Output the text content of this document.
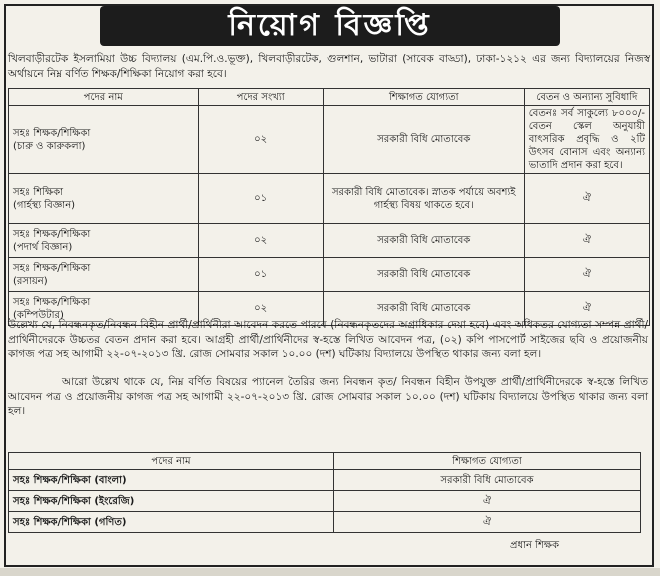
নিয়োগ বিজ্ঞপ্তি
খিলবাড়ীরটেক ইসলামিয়া উচ্চ বিদ্যালয় (এম.পি.ও.ভূক্ত), খিলবাড়ীরটেক, গুলশান, ভাটারা (সাবেক বাড্ডা), ঢাকা-১২১২ এর জন্য বিদ্যালয়ের নিজস্ব অর্থায়নে নিম্ন বর্ণিত শিক্ষক/শিক্ষিকা নিয়োগ করা হবে।
পদের নাম	পদের সংখ্যা	শিক্ষাগত যোগ্যতা	বেতন ও অন্যান্য সুবিধাদি

সহঃ শিক্ষক/শিক্ষিকা
(চারু ও কারুকলা)	০২	সরকারী বিধি মোতাবেক	বেতনঃ সর্ব সাকুল্যে ৮০০০/- বেতন স্কেল অনুযায়ী বাৎসরিক প্রবৃদ্ধি ও ২টি উৎসব বোনাস এবং অন্যান্য ভাতাদি প্রদান করা হবে।

সহঃ শিক্ষিকা
(গার্হস্থ্য বিজ্ঞান)	০১	সরকারী বিধি মোতাবেক। স্নাতক পর্যায়ে অবশ্যই গার্হস্থ্য বিষয় থাকতে হবে।	ঐ

সহঃ শিক্ষক/শিক্ষিকা
(পদার্থ বিজ্ঞান)	০২	সরকারী বিধি মোতাবেক	ঐ

সহঃ শিক্ষক/শিক্ষিকা
(রসায়ন)	০১	সরকারী বিধি মোতাবেক	ঐ

সহঃ শিক্ষক/শিক্ষিকা
(কম্পিউটার)	০২	সরকারী বিধি মোতাবেক	ঐ
উল্লেখ্য যে, নিবন্ধনকৃত/নিবন্ধন বিহীন প্রার্থী/প্রার্থিনীরা আবেদন করতে পারবে (নিবন্ধনকৃতদের অগ্রাধিকার দেয়া হবে) এবং অধিকতর যোগ্যতা সম্পন্ন প্রার্থী/প্রার্থিনীদেরকে উচ্চতর বেতন প্রদান করা হবে। আগ্রহী প্রার্থী/প্রার্থিনীদের স্ব-হস্তে লিখিত আবেদন পত্র, (০২) কপি পাসপোর্ট সাইজের ছবি ও প্রয়োজনীয় কাগজ পত্র সহ আগামী ২২-০৭-২০১৩ খ্রি. রোজ সোমবার সকাল ১০.০০ (দশ) ঘটিকায় বিদ্যালয়ে উপস্থিত থাকার জন্য বলা হল।
আরো উল্লেখ থাকে যে, নিম্ন বর্ণিত বিষয়ের প্যানেল তৈরির জন্য নিবন্ধন কৃত/ নিবন্ধন বিহীন উপযুক্ত প্রার্থী/প্রার্থিনীদেরকে স্ব-হস্তে লিখিত আবেদন পত্র ও প্রয়োজনীয় কাগজ পত্র সহ আগামী ২২-০৭-২০১৩ খ্রি. রোজ সোমবার সকাল ১০.০০ (দশ) ঘটিকায় বিদ্যালয়ে উপস্থিত থাকার জন্য বলা হল।
পদের নাম	শিক্ষাগত যোগ্যতা
সহঃ শিক্ষক/শিক্ষিকা (বাংলা)	সরকারী বিধি মোতাবেক
সহঃ শিক্ষক/শিক্ষিকা (ইংরেজি)	ঐ
সহঃ শিক্ষক/শিক্ষিকা (গণিত)	ঐ
প্রধান শিক্ষক
